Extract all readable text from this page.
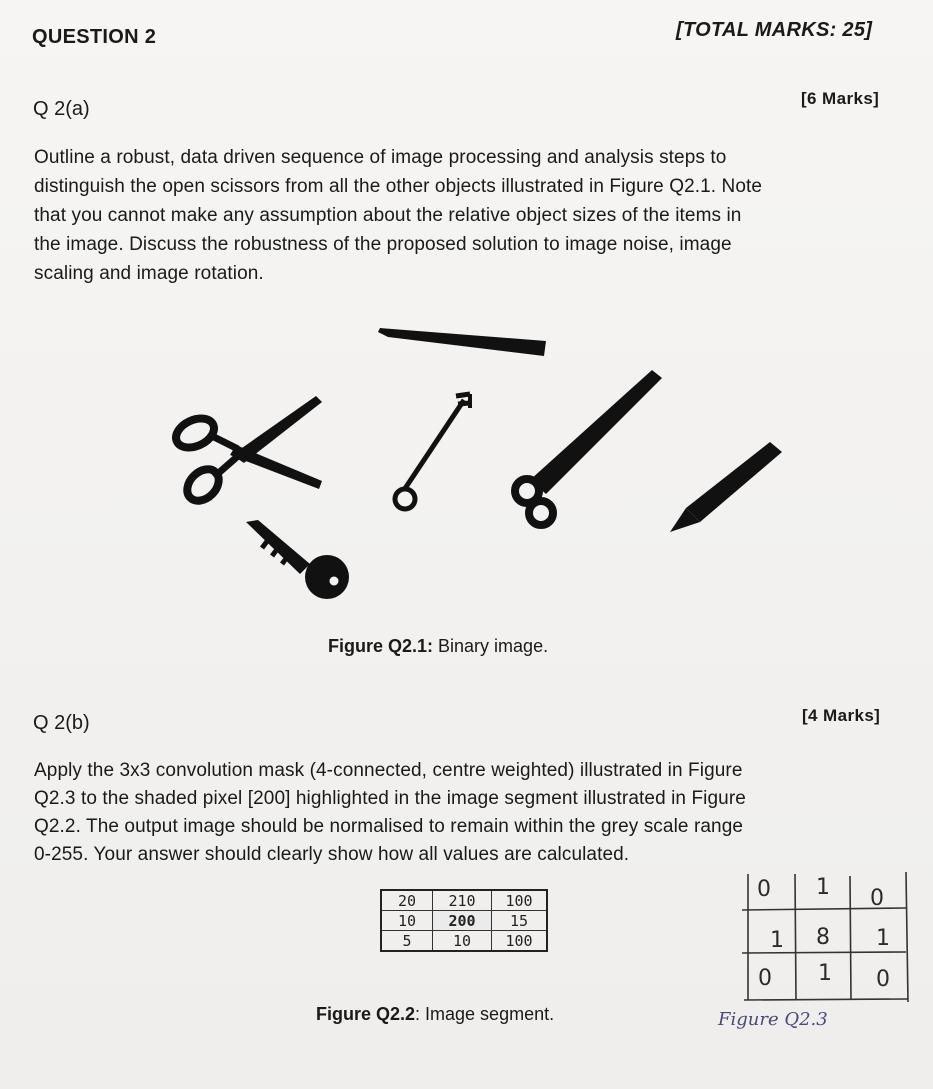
QUESTION 2	[TOTAL MARKS: 25]
Q 2(a)	[6 Marks]
Outline a robust, data driven sequence of image processing and analysis steps to
distinguish the open scissors from all the other objects illustrated in Figure Q2.1. Note
that you cannot make any assumption about the relative object sizes of the items in
the image. Discuss the robustness of the proposed solution to image noise, image
scaling and image rotation.
0 1 0
1 8 1
0 1 0
Figure Q2.3
Figure Q2.1: Binary image.
Q 2(b)	[4 Marks]
Apply the 3x3 convolution mask (4-connected, centre weighted) illustrated in Figure
Q2.3 to the shaded pixel [200] highlighted in the image segment illustrated in Figure
Q2.2. The output image should be normalised to remain within the grey scale range
0-255. Your answer should clearly show how all values are calculated.
20	210	100
10	200	15
5	10	100
Figure Q2.2: Image segment.
